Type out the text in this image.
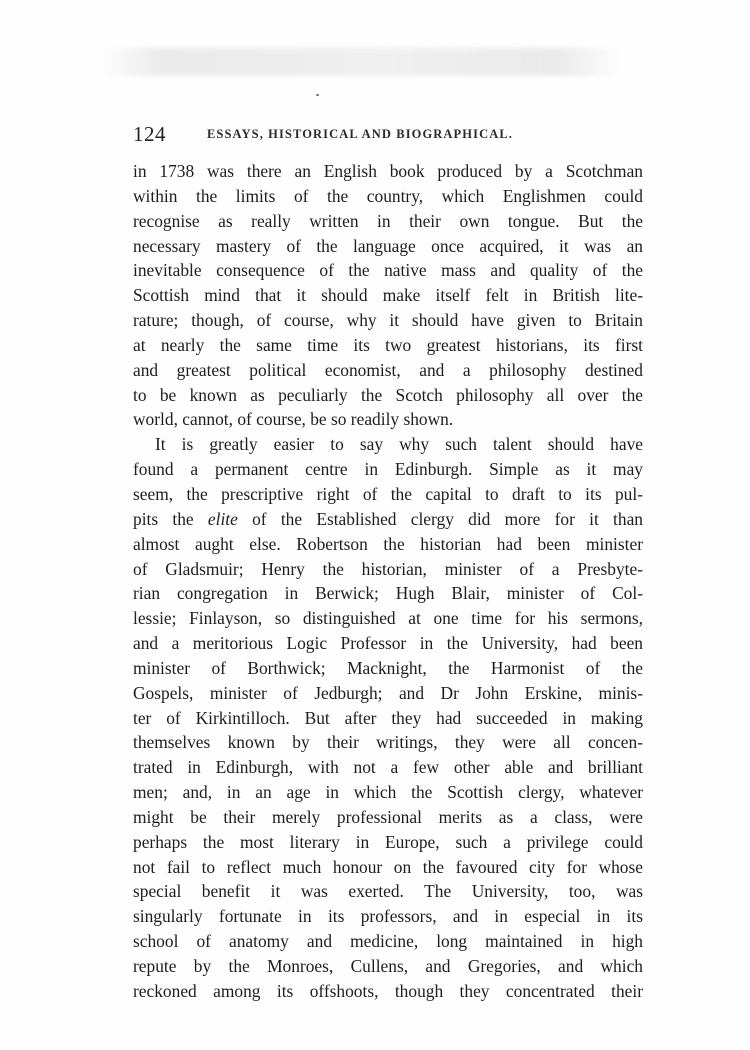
124	ESSAYS, HISTORICAL AND BIOGRAPHICAL.
in 1738 was there an English book produced by a Scotchman
within the limits of the country, which Englishmen could
recognise as really written in their own tongue. But the
necessary mastery of the language once acquired, it was an
inevitable consequence of the native mass and quality of the
Scottish mind that it should make itself felt in British lite-
rature; though, of course, why it should have given to Britain
at nearly the same time its two greatest historians, its first
and greatest political economist, and a philosophy destined
to be known as peculiarly the Scotch philosophy all over the
world, cannot, of course, be so readily shown.
It is greatly easier to say why such talent should have
found a permanent centre in Edinburgh. Simple as it may
seem, the prescriptive right of the capital to draft to its pul-
pits the elite of the Established clergy did more for it than
almost aught else. Robertson the historian had been minister
of Gladsmuir; Henry the historian, minister of a Presbyte-
rian congregation in Berwick; Hugh Blair, minister of Col-
lessie; Finlayson, so distinguished at one time for his sermons,
and a meritorious Logic Professor in the University, had been
minister of Borthwick; Macknight, the Harmonist of the
Gospels, minister of Jedburgh; and Dr John Erskine, minis-
ter of Kirkintilloch. But after they had succeeded in making
themselves known by their writings, they were all concen-
trated in Edinburgh, with not a few other able and brilliant
men; and, in an age in which the Scottish clergy, whatever
might be their merely professional merits as a class, were
perhaps the most literary in Europe, such a privilege could
not fail to reflect much honour on the favoured city for whose
special benefit it was exerted. The University, too, was
singularly fortunate in its professors, and in especial in its
school of anatomy and medicine, long maintained in high
repute by the Monroes, Cullens, and Gregories, and which
reckoned among its offshoots, though they concentrated their
